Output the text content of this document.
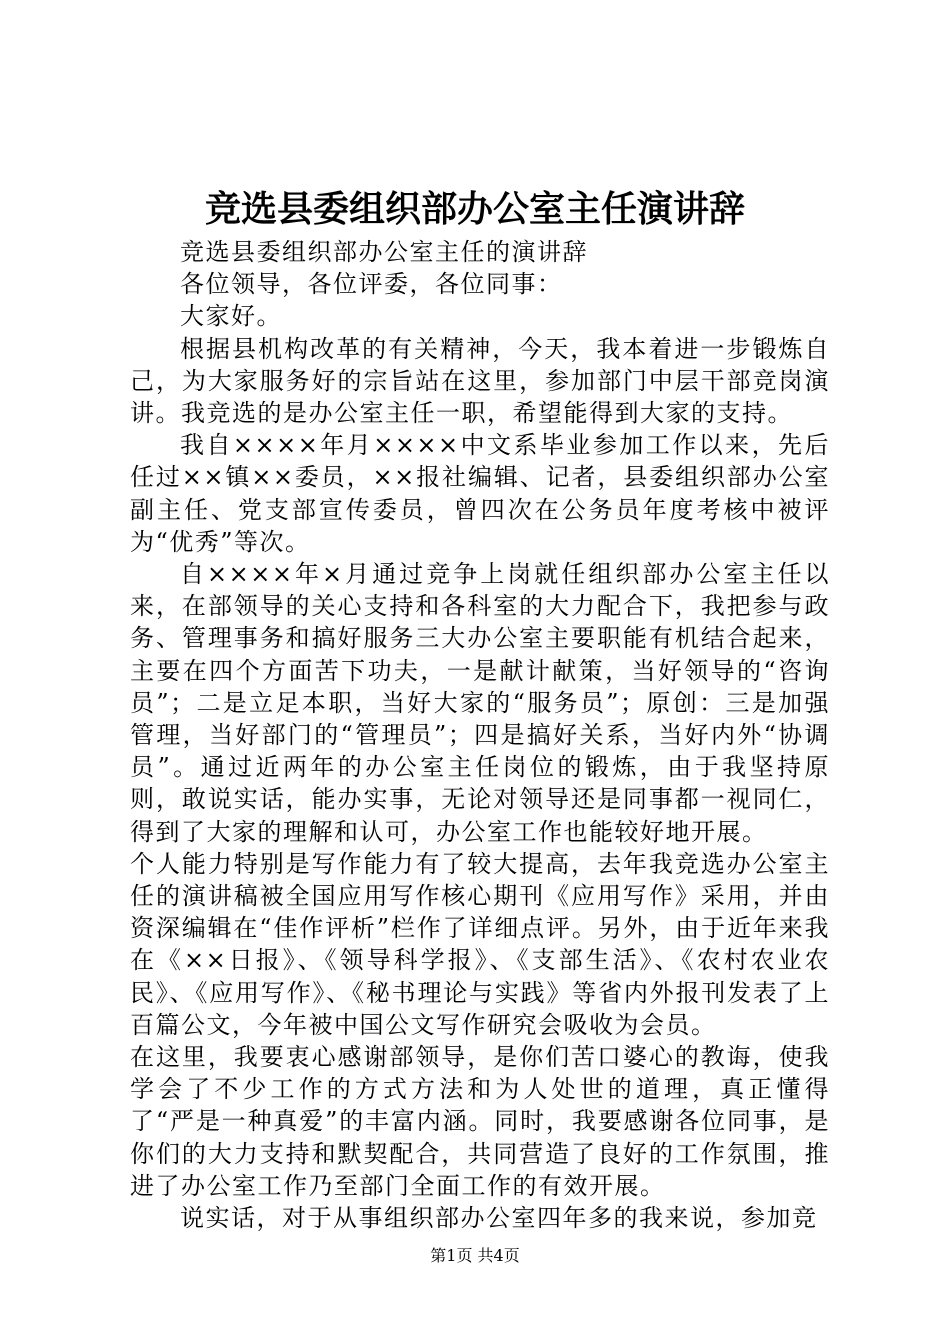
竞选县委组织部办公室主任演讲辞

竞选县委组织部办公室主任的演讲辞

各位领导，各位评委，各位同事：

大家好。

根据县机构改革的有关精神，今天，我本着进一步锻炼自己，为大家服务好的宗旨站在这里，参加部门中层干部竞岗演讲。我竞选的是办公室主任一职，希望能得到大家的支持。

我自××××年月××××中文系毕业参加工作以来，先后任过××镇××委员，××报社编辑、记者，县委组织部办公室副主任、党支部宣传委员，曾四次在公务员年度考核中被评为“优秀”等次。

自××××年×月通过竞争上岗就任组织部办公室主任以来，在部领导的关心支持和各科室的大力配合下，我把参与政务、管理事务和搞好服务三大办公室主要职能有机结合起来，主要在四个方面苦下功夫，一是献计献策，当好领导的“咨询员”；二是立足本职，当好大家的“服务员”；原创：三是加强管理，当好部门的“管理员”；四是搞好关系，当好内外“协调员”。通过近两年的办公室主任岗位的锻炼，由于我坚持原则，敢说实话，能办实事，无论对领导还是同事都一视同仁，得到了大家的理解和认可，办公室工作也能较好地开展。

个人能力特别是写作能力有了较大提高，去年我竞选办公室主任的演讲稿被全国应用写作核心期刊《应用写作》采用，并由资深编辑在“佳作评析”栏作了详细点评。另外，由于近年来我在《××日报》、《领导科学报》、《支部生活》、《农村农业农民》、《应用写作》、《秘书理论与实践》等省内外报刊发表了上百篇公文，今年被中国公文写作研究会吸收为会员。

在这里，我要衷心感谢部领导，是你们苦口婆心的教诲，使我学会了不少工作的方式方法和为人处世的道理，真正懂得了“严是一种真爱”的丰富内涵。同时，我要感谢各位同事，是你们的大力支持和默契配合，共同营造了良好的工作氛围，推进了办公室工作乃至部门全面工作的有效开展。

说实话，对于从事组织部办公室四年多的我来说，参加竞

第1页 共4页
